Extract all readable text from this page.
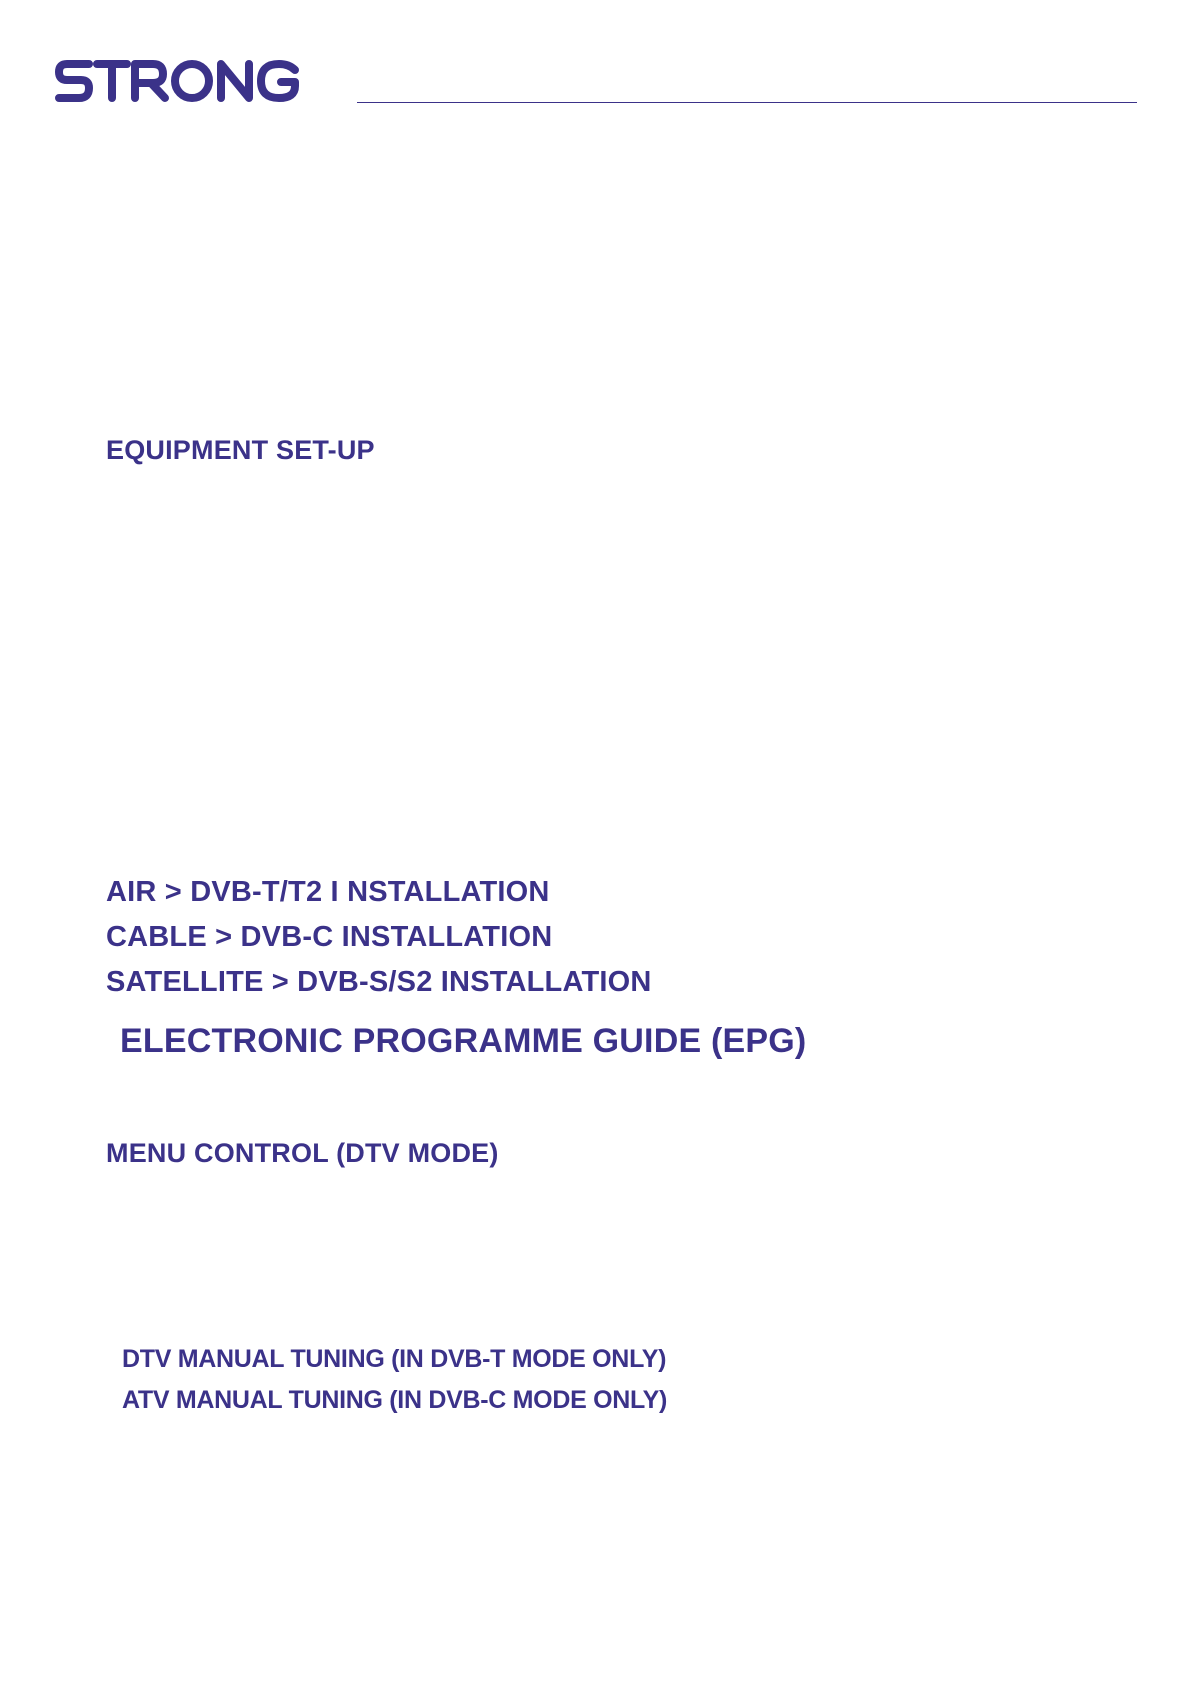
EQUIPMENT SET-UP
AIR > DVB-T/T2 I NSTALLATION
CABLE > DVB-C INSTALLATION
SATELLITE > DVB-S/S2 INSTALLATION
ELECTRONIC PROGRAMME GUIDE (EPG)
MENU CONTROL (DTV MODE)
DTV MANUAL TUNING (IN DVB-T MODE ONLY)
ATV MANUAL TUNING (IN DVB-C MODE ONLY)
